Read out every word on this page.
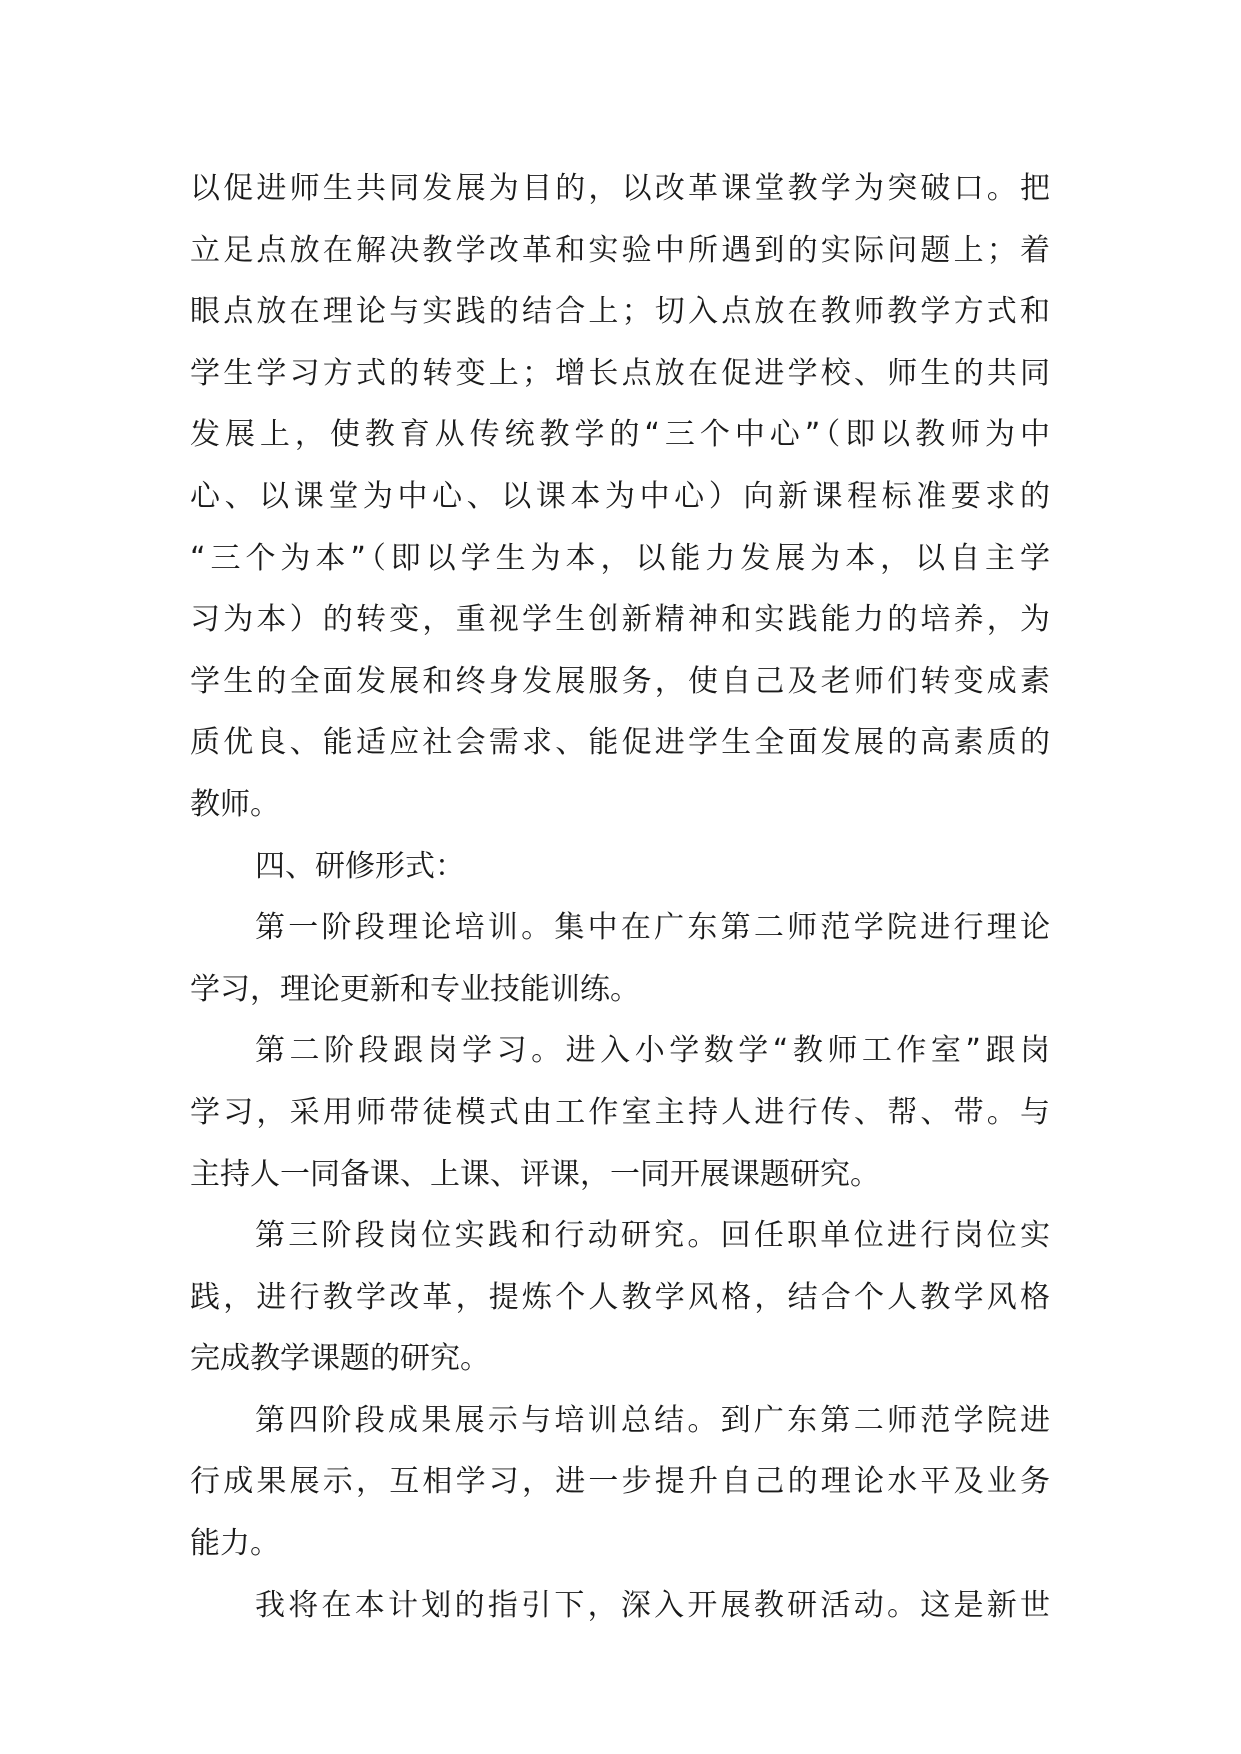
以促进师生共同发展为目的，以改革课堂教学为突破口。把
立足点放在解决教学改革和实验中所遇到的实际问题上；着
眼点放在理论与实践的结合上；切入点放在教师教学方式和
学生学习方式的转变上；增长点放在促进学校、师生的共同
发展上，使教育从传统教学的“三个中心”（即以教师为中
心、以课堂为中心、以课本为中心）向新课程标准要求的
“三个为本”（即以学生为本，以能力发展为本，以自主学
习为本）的转变，重视学生创新精神和实践能力的培养，为
学生的全面发展和终身发展服务，使自己及老师们转变成素
质优良、能适应社会需求、能促进学生全面发展的高素质的
教师。
四、研修形式：
第一阶段理论培训。集中在广东第二师范学院进行理论
学习，理论更新和专业技能训练。
第二阶段跟岗学习。进入小学数学“教师工作室”跟岗
学习，采用师带徒模式由工作室主持人进行传、帮、带。与
主持人一同备课、上课、评课，一同开展课题研究。
第三阶段岗位实践和行动研究。回任职单位进行岗位实
践，进行教学改革，提炼个人教学风格，结合个人教学风格
完成教学课题的研究。
第四阶段成果展示与培训总结。到广东第二师范学院进
行成果展示，互相学习，进一步提升自己的理论水平及业务
能力。
我将在本计划的指引下，深入开展教研活动。这是新世
